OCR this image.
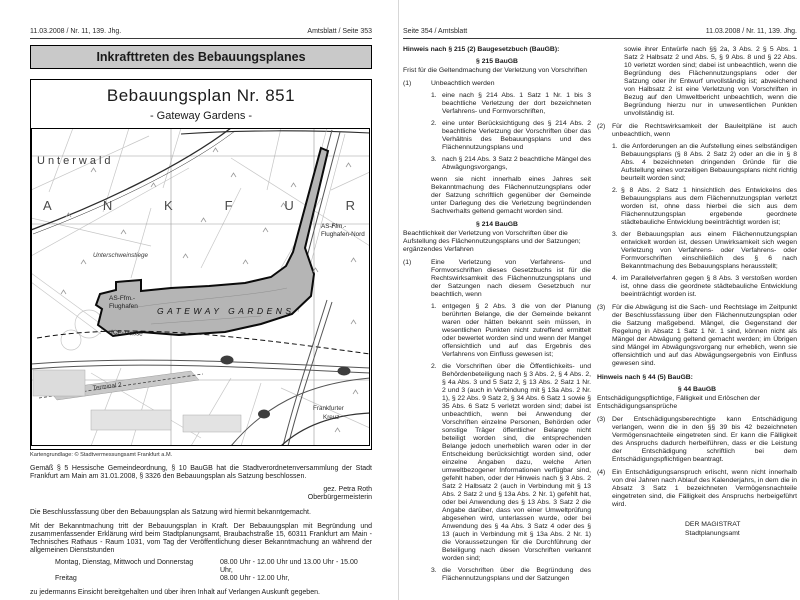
11.03.2008 / Nr. 11, 139. Jhg.	Amtsblatt / Seite 353
Inkrafttreten des Bebauungsplanes
Bebauungsplan Nr. 851
- Gateway Gardens -
Unterwald
A N K F U R
Unterschweinstiege
AS-Ffm.-
Flughafen-Nord
AS-Ffm.-
Flughafen GATEWAY GARDENS
ICE-Trasse
Terminal 2
Frankfurter
Kreuz
Kartengrundlage: © Stadtvermessungsamt Frankfurt a.M.

Gemäß § 5 Hessische Gemeindeordnung, § 10 BauGB hat die Stadtverordnetenversammlung der Stadt Frankfurt am Main am 31.01.2008, § 3326 den Bebauungsplan als Satzung beschlossen.

gez. Petra Roth
Oberbürgermeisterin

Die Beschlussfassung über den Bebauungsplan als Satzung wird hiermit bekanntgemacht.

Mit der Bekanntmachung tritt der Bebauungsplan in Kraft. Der Bebauungsplan mit Begründung und zusammenfassender Erklärung wird beim Stadtplanungsamt, Braubachstraße 15, 60311 Frankfurt am Main - Technisches Rathaus - Raum 1031, vom Tag der Veröffentlichung dieser Bekanntmachung an während der allgemeinen Dienststunden

Montag, Dienstag, Mittwoch und Donnerstag	08.00 Uhr - 12.00 Uhr und 13.00 Uhr - 15.00 Uhr,
Freitag	08.00 Uhr - 12.00 Uhr,

zu jedermanns Einsicht bereitgehalten und über ihren Inhalt auf Verlangen Auskunft gegeben.

Seite 354 / Amtsblatt	11.03.2008 / Nr. 11, 139. Jhg.
Hinweis nach § 215 (2) Baugesetzbuch (BauGB):
§ 215 BauGB
Frist für die Geltendmachung der Verletzung von Vorschriften
(1)	Unbeachtlich werden
1. eine nach § 214 Abs. 1 Satz 1 Nr. 1 bis 3 beachtliche Verletzung der dort bezeichneten Verfahrens- und Formvorschriften,
2. eine unter Berücksichtigung des § 214 Abs. 2 beachtliche Verletzung der Vorschriften über das Verhältnis des Bebauungsplans und des Flächennutzungsplans und
3. nach § 214 Abs. 3 Satz 2 beachtliche Mängel des Abwägungsvorgangs,
wenn sie nicht innerhalb eines Jahres seit Bekanntmachung des Flächennutzungsplans oder der Satzung schriftlich gegenüber der Gemeinde unter Darlegung des die Verletzung begründenden Sachverhalts geltend gemacht worden sind.
§ 214 BauGB
Beachtlichkeit der Verletzung von Vorschriften über die Aufstellung des Flächennutzungsplans und der Satzungen; ergänzendes Verfahren
(1)	Eine Verletzung von Verfahrens- und Formvorschriften dieses Gesetzbuchs ist für die Rechtswirksamkeit des Flächennutzungsplans und der Satzungen nach diesem Gesetzbuch nur beachtlich, wenn
1. entgegen § 2 Abs. 3 die von der Planung berührten Belange, die der Gemeinde bekannt waren oder hätten bekannt sein müssen, in wesentlichen Punkten nicht zutreffend ermittelt oder bewertet worden sind und wenn der Mangel offensichtlich und auf das Ergebnis des Verfahrens von Einfluss gewesen ist;
2. die Vorschriften über die Öffentlichkeits- und Behördenbeteiligung nach § 3 Abs. 2, § 4 Abs. 2, § 4a Abs. 3 und 5 Satz 2, § 13 Abs. 2 Satz 1 Nr. 2 und 3 (auch in Verbindung mit § 13a Abs. 2 Nr. 1), § 22 Abs. 9 Satz 2, § 34 Abs. 6 Satz 1 sowie § 35 Abs. 6 Satz 5 verletzt worden sind; dabei ist unbeachtlich, wenn bei Anwendung der Vorschriften einzelne Personen, Behörden oder sonstige Träger öffentlicher Belange nicht beteiligt worden sind, die entsprechenden Belange jedoch unerheblich waren oder in der Entscheidung berücksichtigt worden sind, oder einzelne Angaben dazu, welche Arten umweltbezogener Informationen verfügbar sind, gefehlt haben, oder der Hinweis nach § 3 Abs. 2 Satz 2 Halbsatz 2 (auch in Verbindung mit § 13 Abs. 2 Satz 2 und § 13a Abs. 2 Nr. 1) gefehlt hat, oder bei Anwendung des § 13 Abs. 3 Satz 2 die Angabe darüber, dass von einer Umweltprüfung abgesehen wird, unterlassen wurde, oder bei Anwendung des § 4a Abs. 3 Satz 4 oder des § 13 (auch in Verbindung mit § 13a Abs. 2 Nr. 1) die Voraussetzungen für die Durchführung der Beteiligung nach diesen Vorschriften verkannt worden sind;
3. die Vorschriften über die Begründung des Flächennutzungsplans und der Satzungen
sowie ihrer Entwürfe nach §§ 2a, 3 Abs. 2 § 5 Abs. 1 Satz 2 Halbsatz 2 und Abs. 5, § 9 Abs. 8 und § 22 Abs. 10 verletzt worden sind; dabei ist unbeachtlich, wenn die Begründung des Flächennutzungsplans oder der Satzung oder ihr Entwurf unvollständig ist; abweichend von Halbsatz 2 ist eine Verletzung von Vorschriften in Bezug auf den Umweltbericht unbeachtlich, wenn die Begründung hierzu nur in unwesentlichen Punkten unvollständig ist.
(2) Für die Rechtswirksamkeit der Bauleitpläne ist auch unbeachtlich, wenn
1. die Anforderungen an die Aufstellung eines selbständigen Bebauungsplans (§ 8 Abs. 2 Satz 2) oder an die in § 8 Abs. 4 bezeichneten dringenden Gründe für die Aufstellung eines vorzeitigen Bebauungsplans nicht richtig beurteilt worden sind;
2. § 8 Abs. 2 Satz 1 hinsichtlich des Entwickelns des Bebauungsplans aus dem Flächennutzungsplan verletzt worden ist, ohne dass hierbei die sich aus dem Flächennutzungsplan ergebende geordnete städtebauliche Entwicklung beeinträchtigt worden ist;
3. der Bebauungsplan aus einem Flächennutzungsplan entwickelt worden ist, dessen Unwirksamkeit sich wegen Verletzung von Verfahrens- oder Verfahrens- oder Formvorschriften einschließlich des § 6 nach Bekanntmachung des Bebauungsplans herausstellt;
4. im Parallelverfahren gegen § 8 Abs. 3 verstoßen worden ist, ohne dass die geordnete städtebauliche Entwicklung beeinträchtigt worden ist.
(3) Für die Abwägung ist die Sach- und Rechtslage im Zeitpunkt der Beschlussfassung über den Flächennutzungsplan oder die Satzung maßgebend. Mängel, die Gegenstand der Regelung in Absatz 1 Satz 1 Nr. 1 sind, können nicht als Mängel der Abwägung geltend gemacht werden; im Übrigen sind Mängel im Abwägungsvorgang nur erheblich, wenn sie offensichtlich und auf das Abwägungsergebnis von Einfluss gewesen sind.
Hinweis nach § 44 (5) BauGB:
§ 44 BauGB
Entschädigungspflichtige, Fälligkeit und Erlöschen der Entschädigungsansprüche
(3) Der Entschädigungsberechtigte kann Entschädigung verlangen, wenn die in den §§ 39 bis 42 bezeichneten Vermögensnachteile eingetreten sind. Er kann die Fälligkeit des Anspruchs dadurch herbeiführen, dass er die Leistung der Entschädigung schriftlich bei dem Entschädigungspflichtigen beantragt.
(4) Ein Entschädigungsanspruch erlischt, wenn nicht innerhalb von drei Jahren nach Ablauf des Kalenderjahrs, in dem die in Absatz 3 Satz 1 bezeichneten Vermögensnachteile eingetreten sind, die Fälligkeit des Anspruchs herbeigeführt wird.
DER MAGISTRAT
Stadtplanungsamt
